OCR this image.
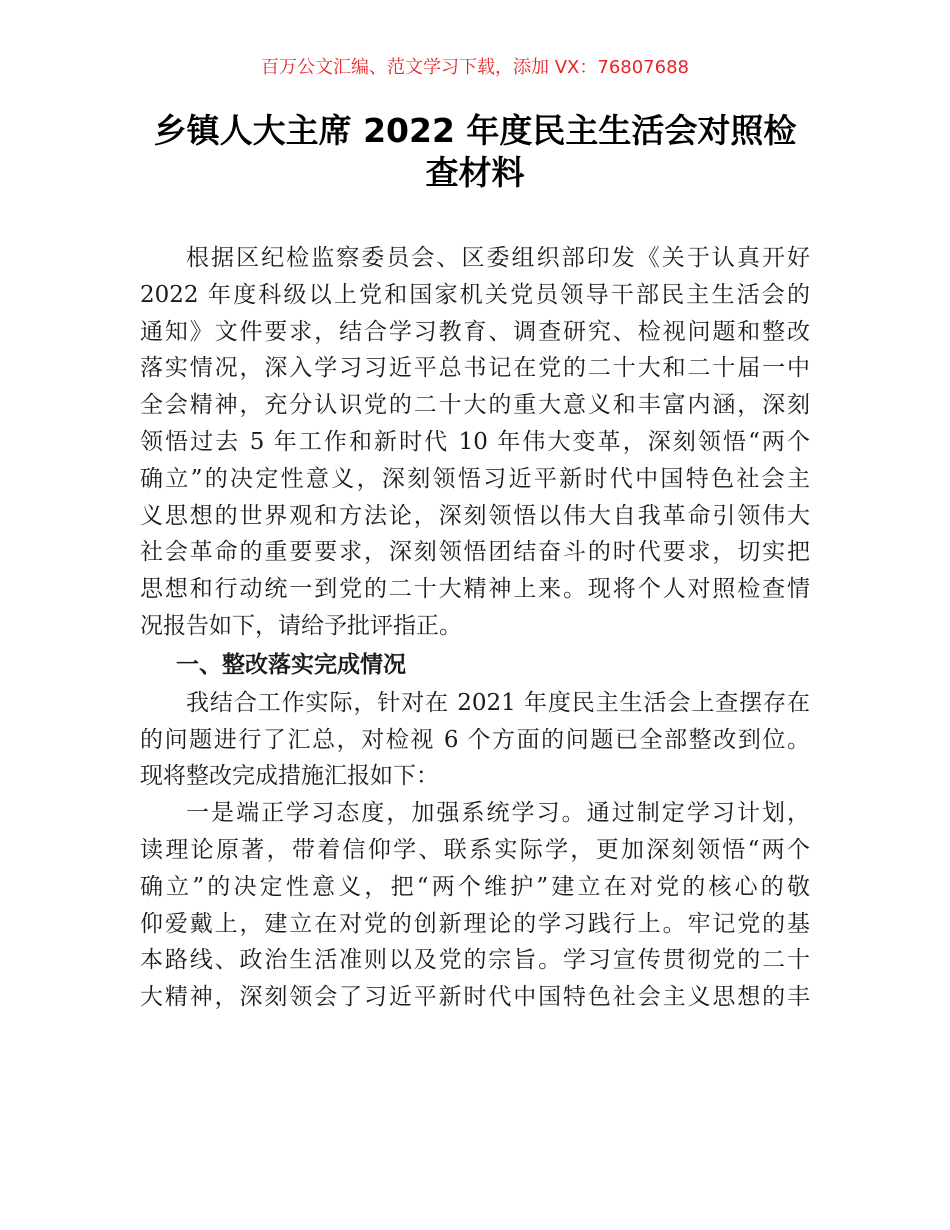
百万公文汇编、范文学习下载，添加 VX：76807688
乡镇人大主席 2022 年度民主生活会对照检
查材料
根据区纪检监察委员会、区委组织部印发《关于认真开好
2022 年度科级以上党和国家机关党员领导干部民主生活会的
通知》文件要求，结合学习教育、调查研究、检视问题和整改
落实情况，深入学习习近平总书记在党的二十大和二十届一中
全会精神，充分认识党的二十大的重大意义和丰富内涵，深刻
领悟过去 5 年工作和新时代 10 年伟大变革，深刻领悟“两个
确立”的决定性意义，深刻领悟习近平新时代中国特色社会主
义思想的世界观和方法论，深刻领悟以伟大自我革命引领伟大
社会革命的重要要求，深刻领悟团结奋斗的时代要求，切实把
思想和行动统一到党的二十大精神上来。现将个人对照检查情
况报告如下，请给予批评指正。
一、整改落实完成情况
我结合工作实际，针对在 2021 年度民主生活会上查摆存在
的问题进行了汇总，对检视 6 个方面的问题已全部整改到位。
现将整改完成措施汇报如下：
一是端正学习态度，加强系统学习。通过制定学习计划，
读理论原著，带着信仰学、联系实际学，更加深刻领悟“两个
确立”的决定性意义，把“两个维护”建立在对党的核心的敬
仰爱戴上，建立在对党的创新理论的学习践行上。牢记党的基
本路线、政治生活准则以及党的宗旨。学习宣传贯彻党的二十
大精神，深刻领会了习近平新时代中国特色社会主义思想的丰
